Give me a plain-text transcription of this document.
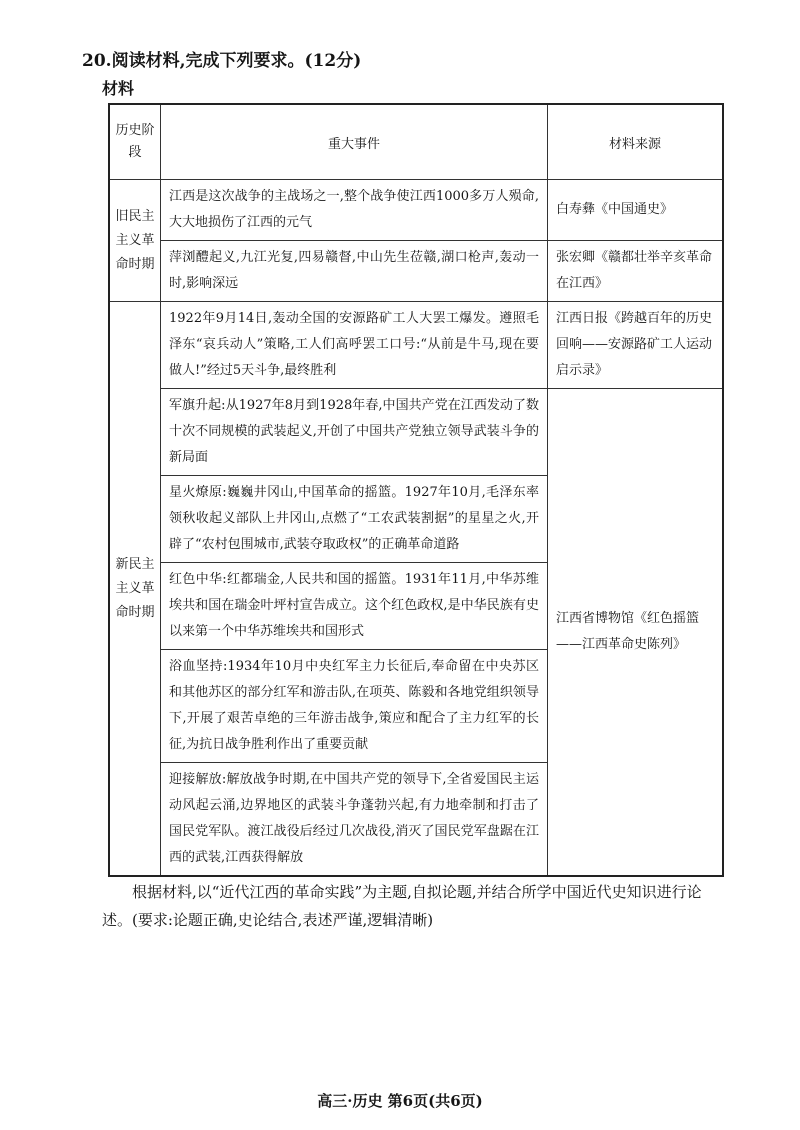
20.阅读材料,完成下列要求。(12分)
材料
历史阶段	重大事件	材料来源
旧民主主义革命时期	江西是这次战争的主战场之一,整个战争使江西1000多万人殒命,大大地损伤了江西的元气	白寿彝《中国通史》
	萍浏醴起义,九江光复,四易赣督,中山先生莅赣,湖口枪声,轰动一时,影响深远	张宏卿《赣都壮举辛亥革命在江西》
新民主主义革命时期	1922年9月14日,轰动全国的安源路矿工人大罢工爆发。遵照毛泽东“哀兵动人”策略,工人们高呼罢工口号:“从前是牛马,现在要做人!”经过5天斗争,最终胜利	江西日报《跨越百年的历史回响——安源路矿工人运动启示录》
	军旗升起:从1927年8月到1928年春,中国共产党在江西发动了数十次不同规模的武装起义,开创了中国共产党独立领导武装斗争的新局面	江西省博物馆《红色摇篮——江西革命史陈列》
	星火燎原:巍巍井冈山,中国革命的摇篮。1927年10月,毛泽东率领秋收起义部队上井冈山,点燃了“工农武装割据”的星星之火,开辟了“农村包围城市,武装夺取政权”的正确革命道路	
	红色中华:红都瑞金,人民共和国的摇篮。1931年11月,中华苏维埃共和国在瑞金叶坪村宣告成立。这个红色政权,是中华民族有史以来第一个中华苏维埃共和国形式	
	浴血坚持:1934年10月中央红军主力长征后,奉命留在中央苏区和其他苏区的部分红军和游击队,在项英、陈毅和各地党组织领导下,开展了艰苦卓绝的三年游击战争,策应和配合了主力红军的长征,为抗日战争胜利作出了重要贡献	
	迎接解放:解放战争时期,在中国共产党的领导下,全省爱国民主运动风起云涌,边界地区的武装斗争蓬勃兴起,有力地牵制和打击了国民党军队。渡江战役后经过几次战役,消灭了国民党军盘踞在江西的武装,江西获得解放	
根据材料,以“近代江西的革命实践”为主题,自拟论题,并结合所学中国近代史知识进行论述。(要求:论题正确,史论结合,表述严谨,逻辑清晰)
高三·历史 第6页(共6页)
